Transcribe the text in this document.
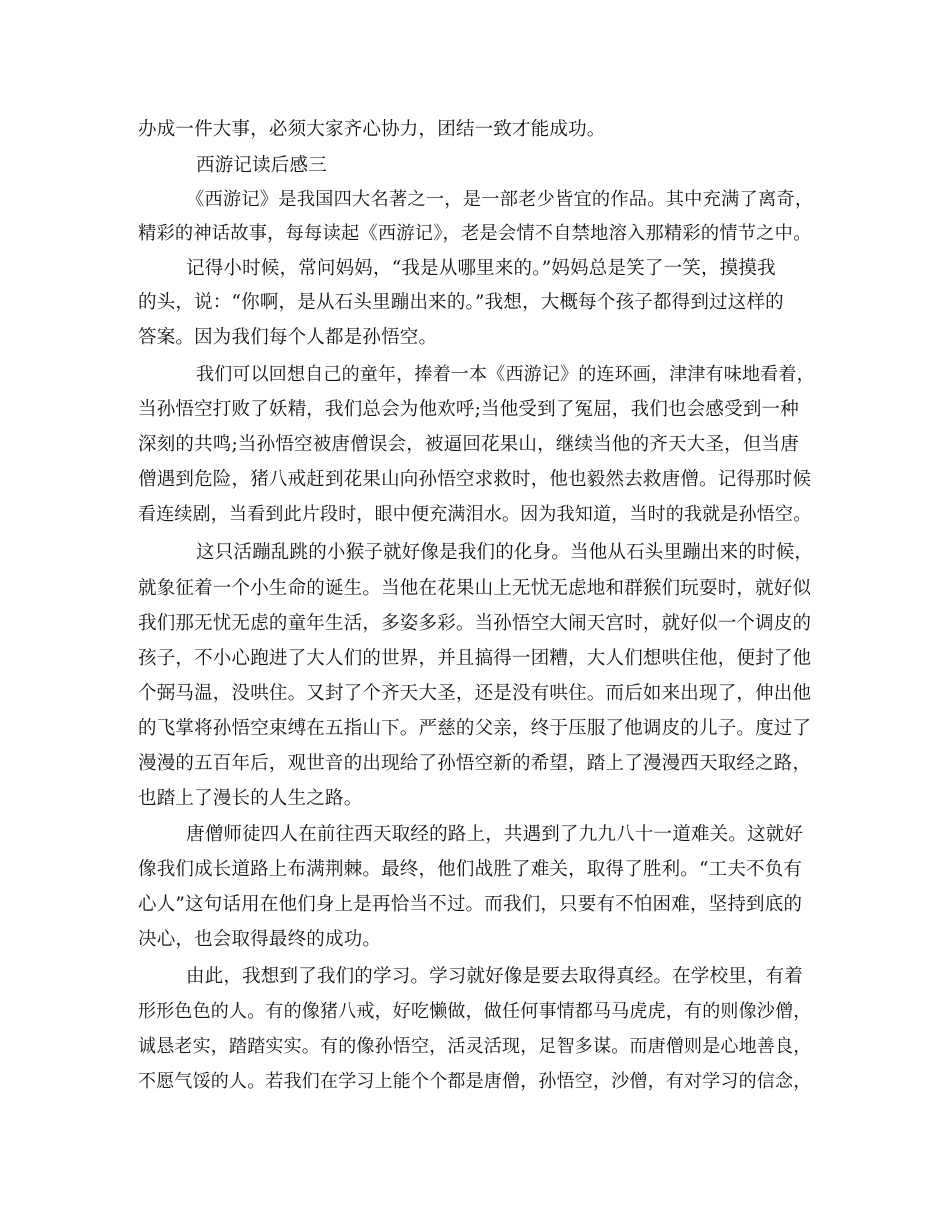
办成一件大事，必须大家齐心协力，团结一致才能成功。
西游记读后感三
《西游记》是我国四大名著之一，是一部老少皆宜的作品。其中充满了离奇，
精彩的神话故事，每每读起《西游记》，老是会情不自禁地溶入那精彩的情节之中。
记得小时候，常问妈妈，“我是从哪里来的。”妈妈总是笑了一笑，摸摸我
的头，说：“你啊，是从石头里蹦出来的。”我想，大概每个孩子都得到过这样的
答案。因为我们每个人都是孙悟空。
我们可以回想自己的童年，捧着一本《西游记》的连环画，津津有味地看着，
当孙悟空打败了妖精，我们总会为他欢呼;当他受到了冤屈，我们也会感受到一种
深刻的共鸣;当孙悟空被唐僧误会，被逼回花果山，继续当他的齐天大圣，但当唐
僧遇到危险，猪八戒赶到花果山向孙悟空求救时，他也毅然去救唐僧。记得那时候
看连续剧，当看到此片段时，眼中便充满泪水。因为我知道，当时的我就是孙悟空。
这只活蹦乱跳的小猴子就好像是我们的化身。当他从石头里蹦出来的时候，
就象征着一个小生命的诞生。当他在花果山上无忧无虑地和群猴们玩耍时，就好似
我们那无忧无虑的童年生活，多姿多彩。当孙悟空大闹天宫时，就好似一个调皮的
孩子，不小心跑进了大人们的世界，并且搞得一团糟，大人们想哄住他，便封了他
个弼马温，没哄住。又封了个齐天大圣，还是没有哄住。而后如来出现了，伸出他
的飞掌将孙悟空束缚在五指山下。严慈的父亲，终于压服了他调皮的儿子。度过了
漫漫的五百年后，观世音的出现给了孙悟空新的希望，踏上了漫漫西天取经之路，
也踏上了漫长的人生之路。
唐僧师徒四人在前往西天取经的路上，共遇到了九九八十一道难关。这就好
像我们成长道路上布满荆棘。最终，他们战胜了难关，取得了胜利。“工夫不负有
心人”这句话用在他们身上是再恰当不过。而我们，只要有不怕困难，坚持到底的
决心，也会取得最终的成功。
由此，我想到了我们的学习。学习就好像是要去取得真经。在学校里，有着
形形色色的人。有的像猪八戒，好吃懒做，做任何事情都马马虎虎，有的则像沙僧，
诚恳老实，踏踏实实。有的像孙悟空，活灵活现，足智多谋。而唐僧则是心地善良，
不愿气馁的人。若我们在学习上能个个都是唐僧，孙悟空，沙僧，有对学习的信念，
